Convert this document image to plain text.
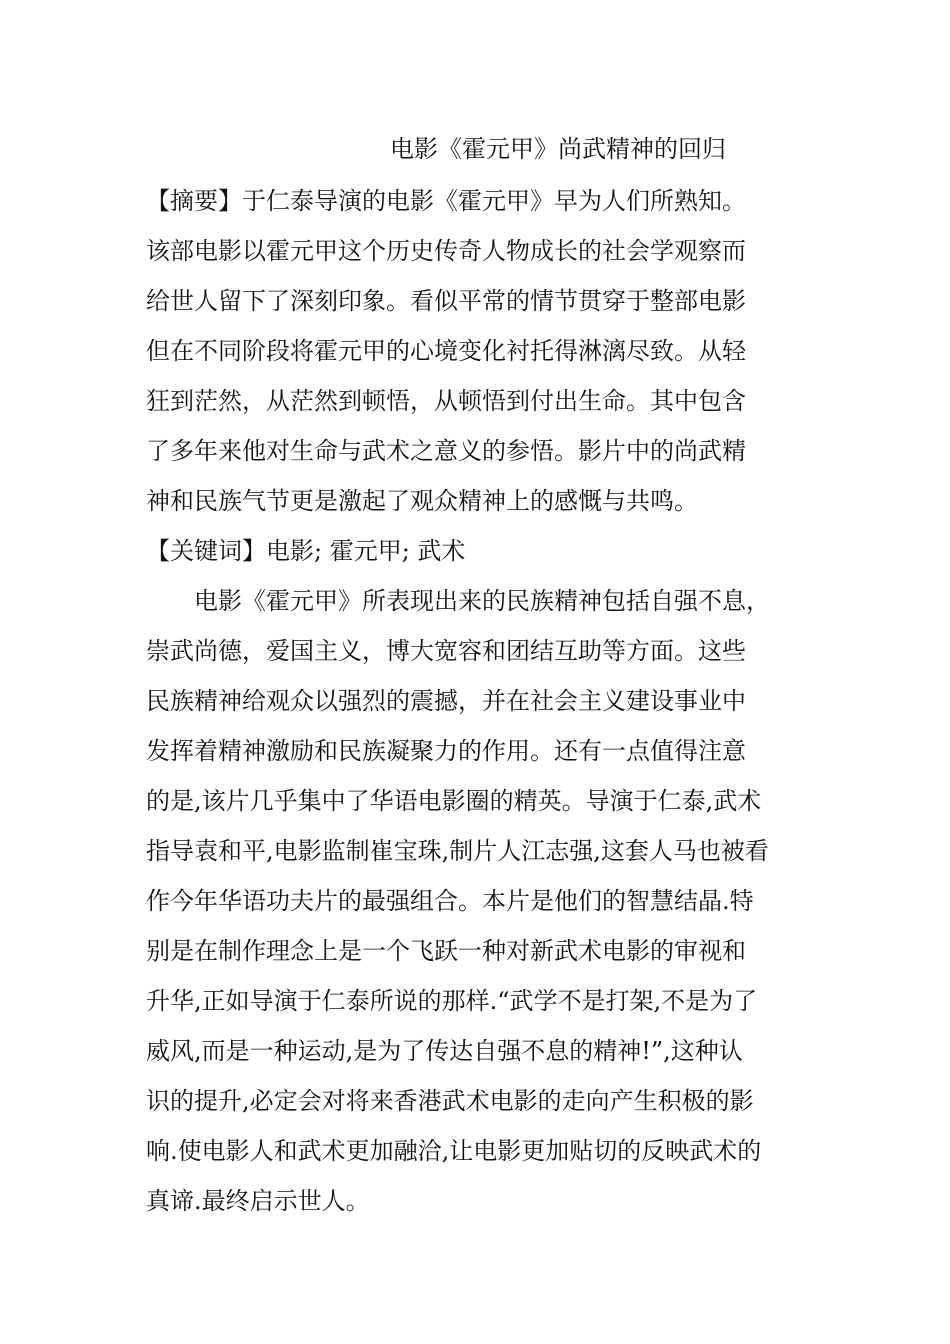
电影《霍元甲》尚武精神的回归
【摘要】于仁泰导演的电影《霍元甲》早为人们所熟知。
该部电影以霍元甲这个历史传奇人物成长的社会学观察而
给世人留下了深刻印象。看似平常的情节贯穿于整部电影
但在不同阶段将霍元甲的心境变化衬托得淋漓尽致。从轻
狂到茫然，从茫然到顿悟，从顿悟到付出生命。其中包含
了多年来他对生命与武术之意义的参悟。影片中的尚武精
神和民族气节更是激起了观众精神上的感慨与共鸣。
【关键词】电影; 霍元甲; 武术
电影《霍元甲》所表现出来的民族精神包括自强不息，
崇武尚德，爱国主义，博大宽容和团结互助等方面。这些
民族精神给观众以强烈的震撼，并在社会主义建设事业中
发挥着精神激励和民族凝聚力的作用。还有一点值得注意
的是,该片几乎集中了华语电影圈的精英。导演于仁泰,武术
指导袁和平,电影监制崔宝珠,制片人江志强,这套人马也被看
作今年华语功夫片的最强组合。本片是他们的智慧结晶.特
别是在制作理念上是一个飞跃一种对新武术电影的审视和
升华,正如导演于仁泰所说的那样.“武学不是打架,不是为了
威风,而是一种运动,是为了传达自强不息的精神!”,这种认
识的提升,必定会对将来香港武术电影的走向产生积极的影
响.使电影人和武术更加融洽,让电影更加贴切的反映武术的
真谛.最终启示世人。
